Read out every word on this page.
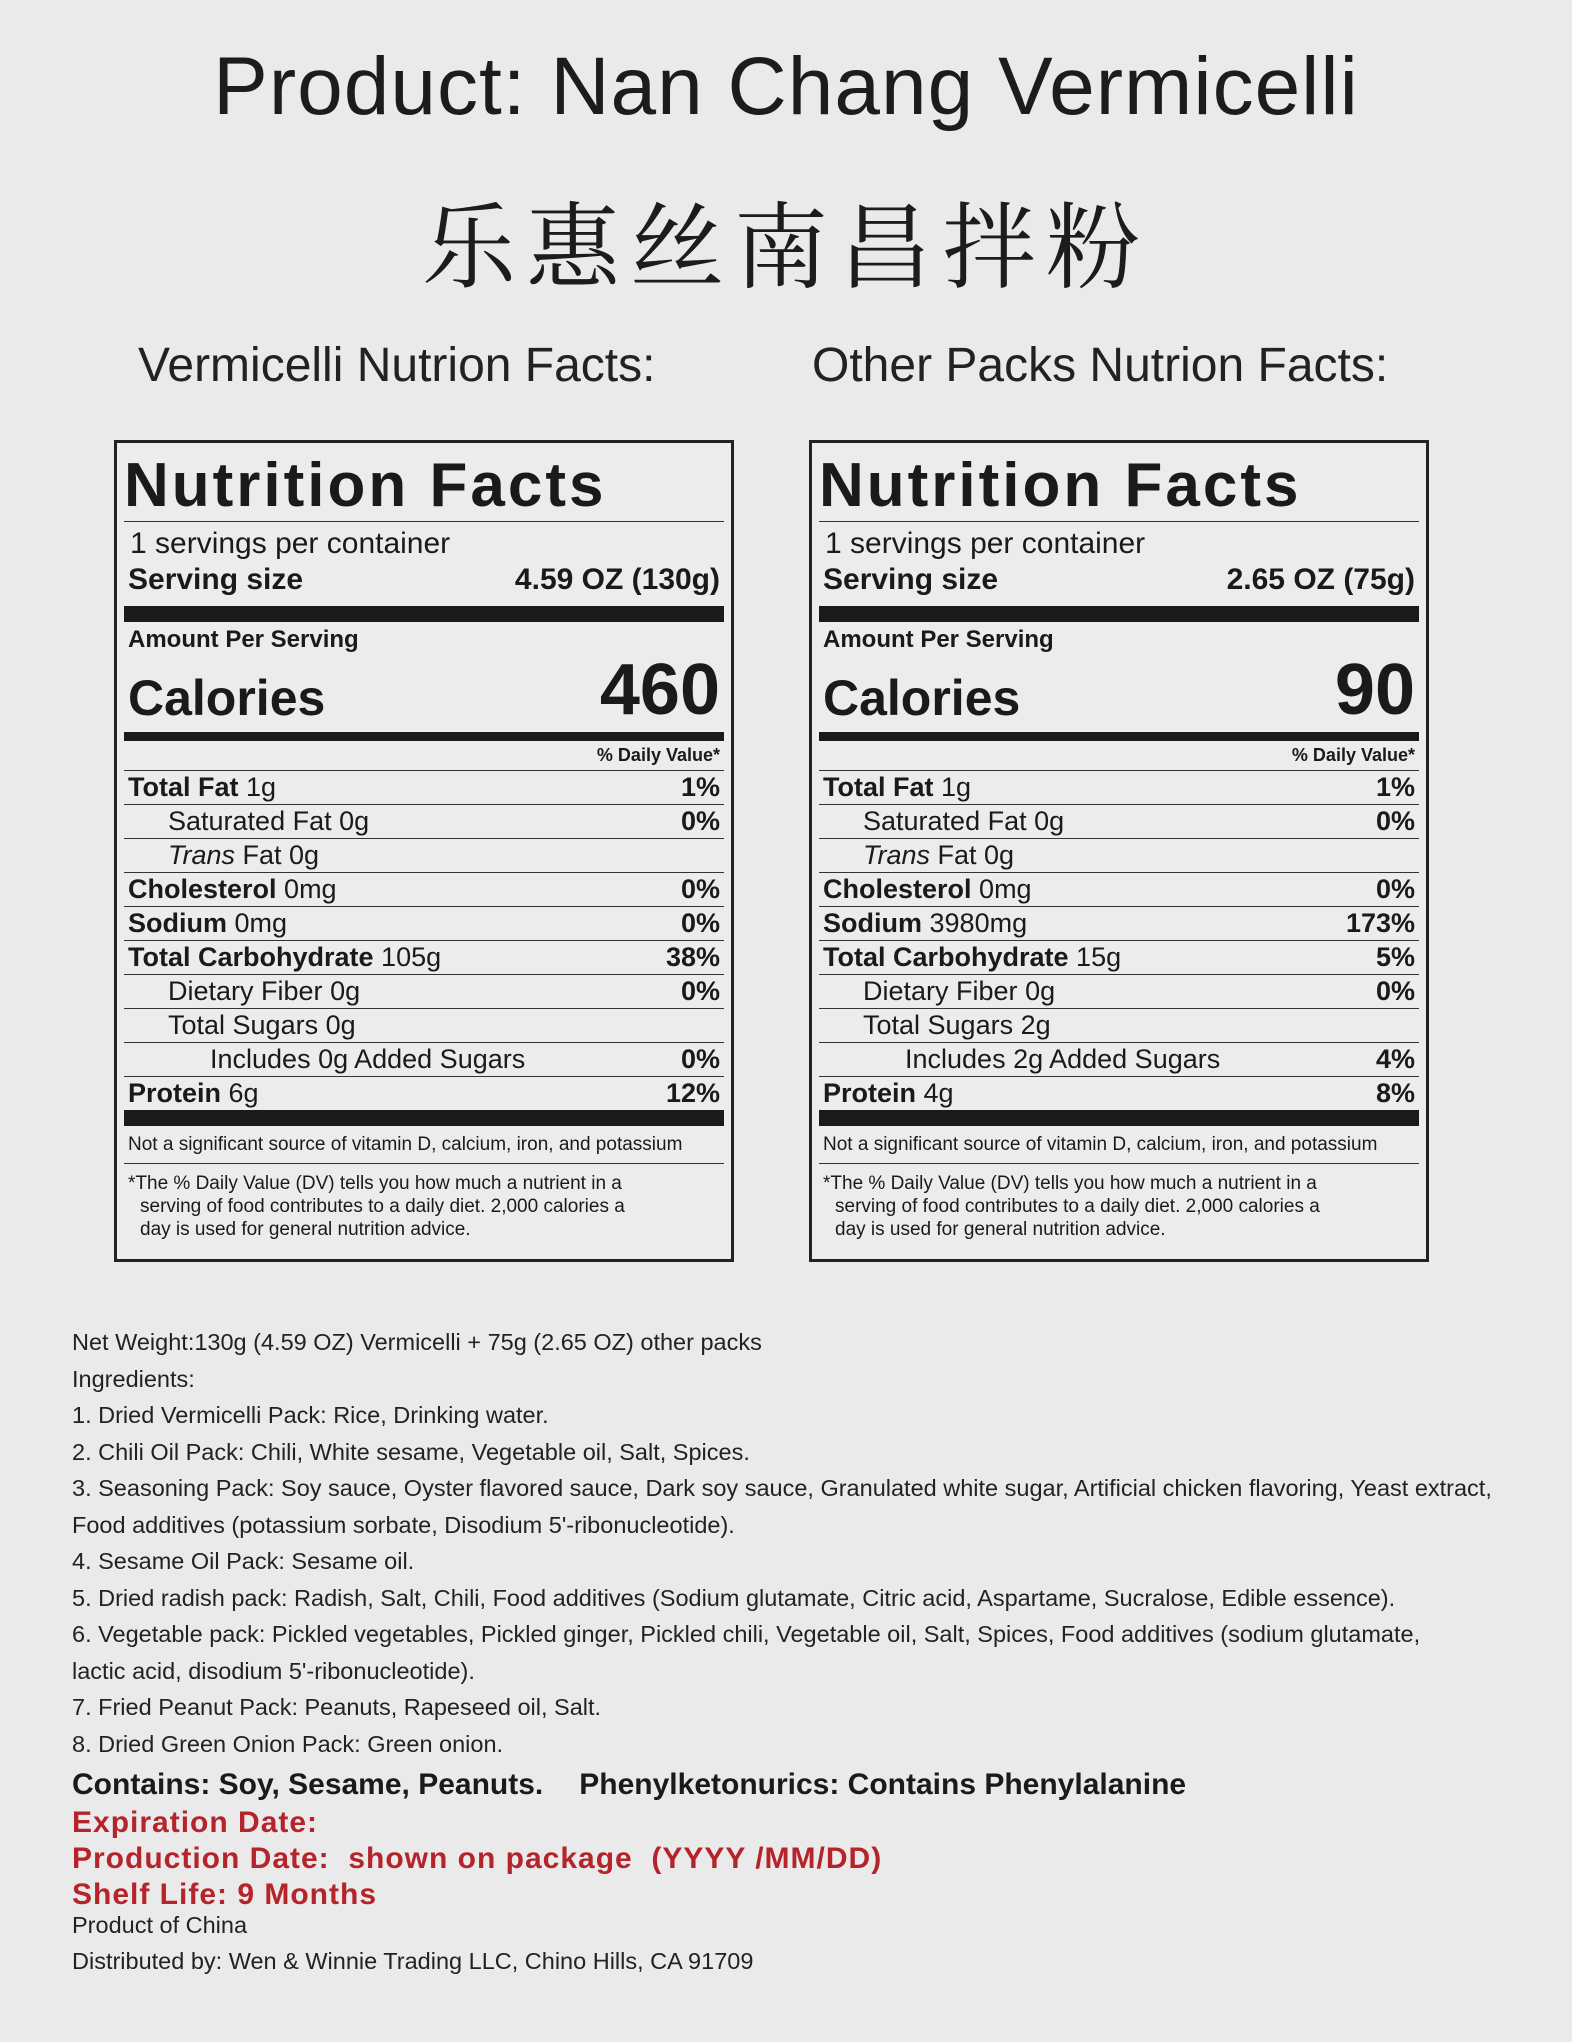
Product: Nan Chang Vermicelli
乐惠丝南昌拌粉
Vermicelli Nutrion Facts:	Other Packs Nutrion Facts:
Nutrition Facts
1 servings per container
Serving size	4.59 OZ (130g)
Amount Per Serving
Calories	460
% Daily Value*
Total Fat 1g	1%
Saturated Fat 0g	0%
Trans Fat 0g
Cholesterol 0mg	0%
Sodium 0mg	0%
Total Carbohydrate 105g	38%
Dietary Fiber 0g	0%
Total Sugars 0g
Includes 0g Added Sugars	0%
Protein 6g	12%
Not a significant source of vitamin D, calcium, iron, and potassium
*The % Daily Value (DV) tells you how much a nutrient in a
serving of food contributes to a daily diet. 2,000 calories a
day is used for general nutrition advice.
Nutrition Facts
1 servings per container
Serving size	2.65 OZ (75g)
Amount Per Serving
Calories	90
% Daily Value*
Total Fat 1g	1%
Saturated Fat 0g	0%
Trans Fat 0g
Cholesterol 0mg	0%
Sodium 3980mg	173%
Total Carbohydrate 15g	5%
Dietary Fiber 0g	0%
Total Sugars 2g
Includes 2g Added Sugars	4%
Protein 4g	8%
Not a significant source of vitamin D, calcium, iron, and potassium
*The % Daily Value (DV) tells you how much a nutrient in a
serving of food contributes to a daily diet. 2,000 calories a
day is used for general nutrition advice.
Net Weight:130g (4.59 OZ) Vermicelli + 75g (2.65 OZ) other packs
Ingredients:
1. Dried Vermicelli Pack: Rice, Drinking water.
2. Chili Oil Pack: Chili, White sesame, Vegetable oil, Salt, Spices.
3. Seasoning Pack: Soy sauce, Oyster flavored sauce, Dark soy sauce, Granulated white sugar, Artificial chicken flavoring, Yeast extract,
Food additives (potassium sorbate, Disodium 5'-ribonucleotide).
4. Sesame Oil Pack: Sesame oil.
5. Dried radish pack: Radish, Salt, Chili, Food additives (Sodium glutamate, Citric acid, Aspartame, Sucralose, Edible essence).
6. Vegetable pack: Pickled vegetables, Pickled ginger, Pickled chili, Vegetable oil, Salt, Spices, Food additives (sodium glutamate,
lactic acid, disodium 5'-ribonucleotide).
7. Fried Peanut Pack: Peanuts, Rapeseed oil, Salt.
8. Dried Green Onion Pack: Green onion.
Contains: Soy, Sesame, Peanuts. Phenylketonurics: Contains Phenylalanine
Expiration Date:
Production Date:  shown on package  (YYYY /MM/DD)
Shelf Life: 9 Months
Product of China
Distributed by: Wen & Winnie Trading LLC, Chino Hills, CA 91709
